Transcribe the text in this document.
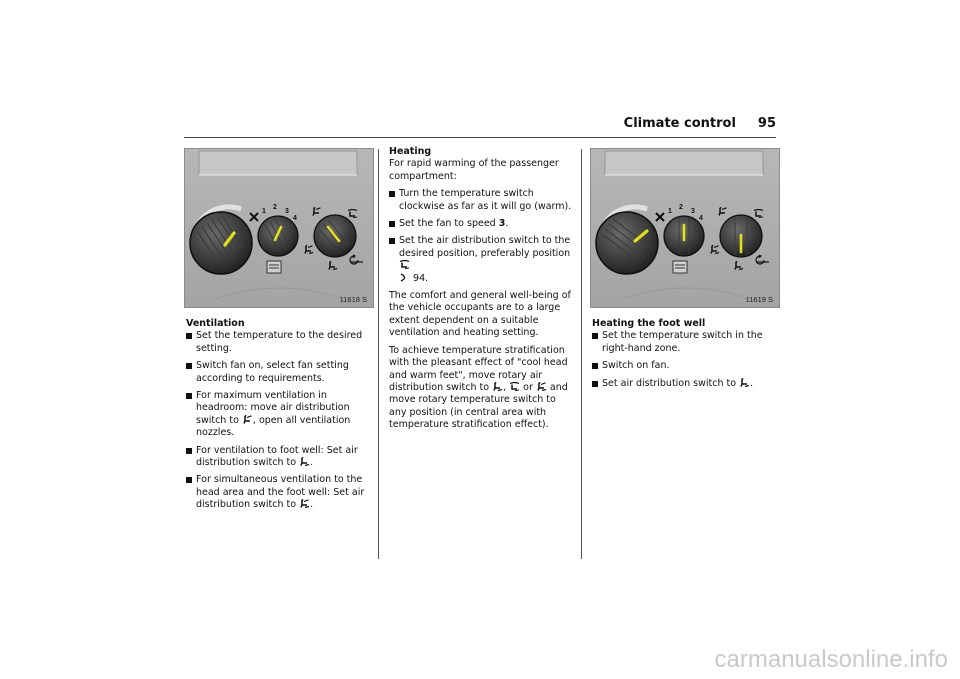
Climate control 95
1
2
3
4
11618 S
1
2
3
4
11619 S
Ventilation
Set the temperature to the desired setting.
Switch fan on, select fan setting according to requirements.
For maximum ventilation in headroom: move air distribution switch to , open all ventilation nozzles.
For ventilation to foot well: Set air distribution switch to .
For simultaneous ventilation to the head area and the foot well: Set air distribution switch to .
Heating

For rapid warming of the passenger compartment:

Turn the temperature switch clockwise as far as it will go (warm).
Set the fan to speed 3.
Set the air distribution switch to the desired position, preferably position
94.

The comfort and general well-being of the vehicle occupants are to a large extent dependent on a suitable ventilation and heating setting.

To achieve temperature stratification with the pleasant effect of "cool head and warm feet", move rotary air distribution switch to ,  or  and move rotary temperature switch to any position (in central area with temperature stratification effect).

Heating the foot well
Set the temperature switch in the right-hand zone.
Switch on fan.
Set air distribution switch to .
carmanualsonline.info
